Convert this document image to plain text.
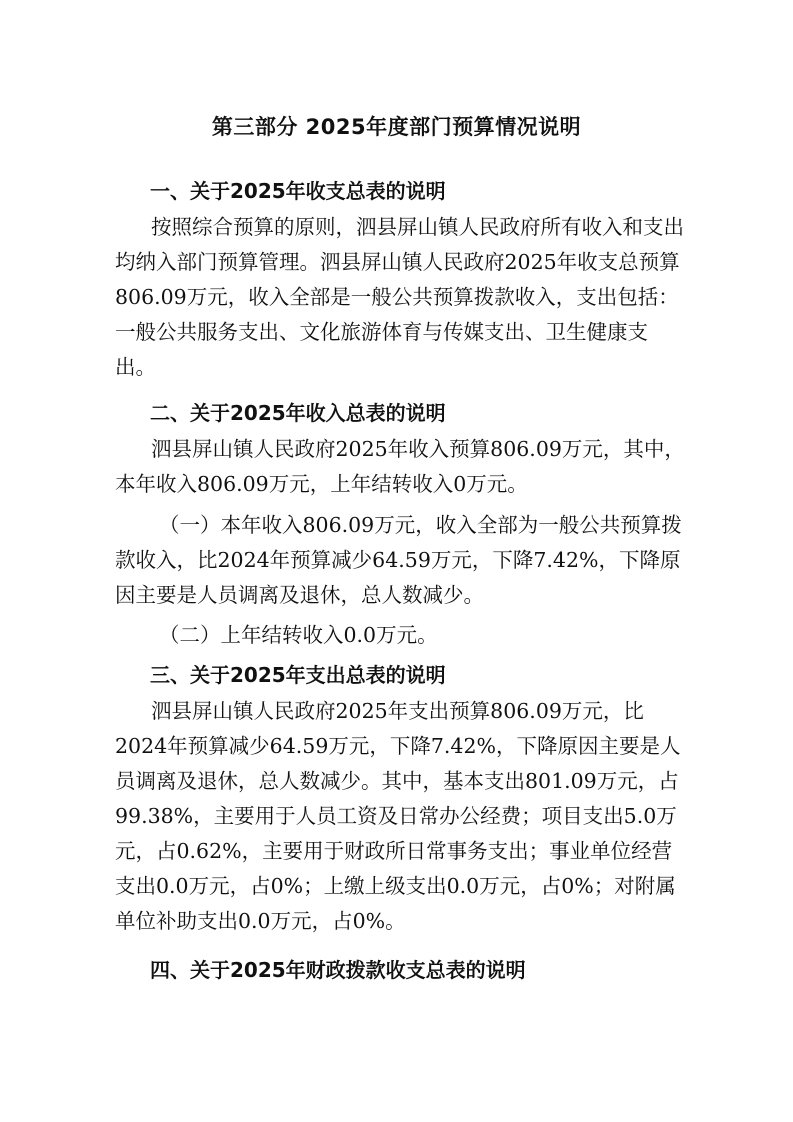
第三部分 2025年度部门预算情况说明
一、关于2025年收支总表的说明

按照综合预算的原则，泗县屏山镇人民政府所有收入和支出均纳入部门预算管理。泗县屏山镇人民政府2025年收支总预算806.09万元，收入全部是一般公共预算拨款收入，支出包括：一般公共服务支出、文化旅游体育与传媒支出、卫生健康支出。

二、关于2025年收入总表的说明

泗县屏山镇人民政府2025年收入预算806.09万元，其中，本年收入806.09万元，上年结转收入0万元。

（一）本年收入806.09万元，收入全部为一般公共预算拨款收入，比2024年预算减少64.59万元，下降7.42%，下降原因主要是人员调离及退休，总人数减少。

（二）上年结转收入0.0万元。

三、关于2025年支出总表的说明

泗县屏山镇人民政府2025年支出预算806.09万元，比2024年预算减少64.59万元，下降7.42%，下降原因主要是人员调离及退休，总人数减少。其中，基本支出801.09万元，占99.38%，主要用于人员工资及日常办公经费；项目支出5.0万元，占0.62%，主要用于财政所日常事务支出；事业单位经营支出0.0万元，占0%；上缴上级支出0.0万元，占0%；对附属单位补助支出0.0万元，占0%。

四、关于2025年财政拨款收支总表的说明
